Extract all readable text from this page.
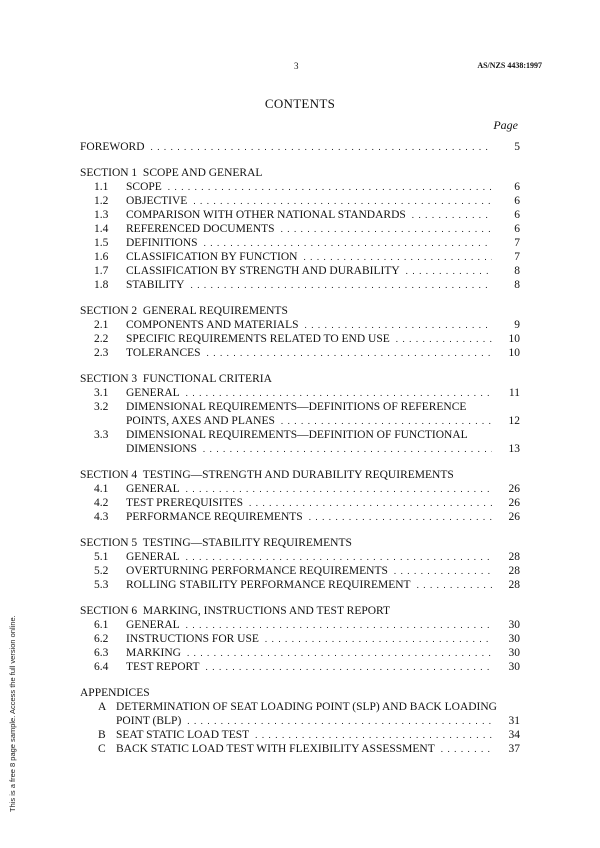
3	AS/NZS 4438:1997
CONTENTS
Page
This is a free 8 page sample. Access the full version online.
FOREWORD . . .	5
SECTION 1  SCOPE AND GENERAL
1.1	SCOPE . . .	6
1.2	OBJECTIVE . . .	6
1.3	COMPARISON WITH OTHER NATIONAL STANDARDS . . .	6
1.4	REFERENCED DOCUMENTS . . .	6
1.5	DEFINITIONS . . .	7
1.6	CLASSIFICATION BY FUNCTION . . .	7
1.7	CLASSIFICATION BY STRENGTH AND DURABILITY . . .	8
1.8	STABILITY . . .	8
SECTION 2  GENERAL REQUIREMENTS
2.1	COMPONENTS AND MATERIALS . . .	9
2.2	SPECIFIC REQUIREMENTS RELATED TO END USE . . .	10
2.3	TOLERANCES . . .	10
SECTION 3  FUNCTIONAL CRITERIA
3.1	GENERAL . . .	11
3.2	DIMENSIONAL REQUIREMENTS—DEFINITIONS OF REFERENCE
POINTS, AXES AND PLANES . . .	12
3.3	DIMENSIONAL REQUIREMENTS—DEFINITION OF FUNCTIONAL
DIMENSIONS . . .	13
SECTION 4  TESTING—STRENGTH AND DURABILITY REQUIREMENTS
4.1	GENERAL . . .	26
4.2	TEST PREREQUISITES . . .	26
4.3	PERFORMANCE REQUIREMENTS . . .	26
SECTION 5  TESTING—STABILITY REQUIREMENTS
5.1	GENERAL . . .	28
5.2	OVERTURNING PERFORMANCE REQUIREMENTS . . .	28
5.3	ROLLING STABILITY PERFORMANCE REQUIREMENT . . .	28
SECTION 6  MARKING, INSTRUCTIONS AND TEST REPORT
6.1	GENERAL . . .	30
6.2	INSTRUCTIONS FOR USE . . .	30
6.3	MARKING . . .	30
6.4	TEST REPORT . . .	30
APPENDICES
A DETERMINATION OF SEAT LOADING POINT (SLP) AND BACK LOADING
POINT (BLP) . . .	31
B SEAT STATIC LOAD TEST . . .	34
C BACK STATIC LOAD TEST WITH FLEXIBILITY ASSESSMENT . . .	37
